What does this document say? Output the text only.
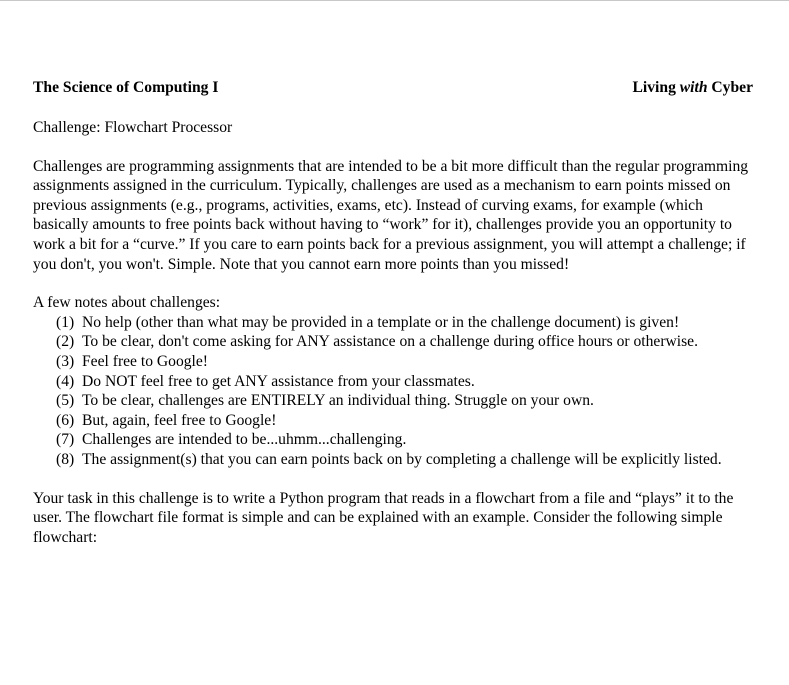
The Science of Computing I	Living with Cyber
Challenge: Flowchart Processor
Challenges are programming assignments that are intended to be a bit more difficult than the regular programming assignments assigned in the curriculum. Typically, challenges are used as a mechanism to earn points missed on previous assignments (e.g., programs, activities, exams, etc). Instead of curving exams, for example (which basically amounts to free points back without having to “work” for it), challenges provide you an opportunity to work a bit for a “curve.” If you care to earn points back for a previous assignment, you will attempt a challenge; if you don't, you won't. Simple. Note that you cannot earn more points than you missed!
A few notes about challenges:
(1) No help (other than what may be provided in a template or in the challenge document) is given!
(2) To be clear, don't come asking for ANY assistance on a challenge during office hours or otherwise.
(3) Feel free to Google!
(4) Do NOT feel free to get ANY assistance from your classmates.
(5) To be clear, challenges are ENTIRELY an individual thing. Struggle on your own.
(6) But, again, feel free to Google!
(7) Challenges are intended to be...uhmm...challenging.
(8) The assignment(s) that you can earn points back on by completing a challenge will be explicitly listed.
Your task in this challenge is to write a Python program that reads in a flowchart from a file and “plays” it to the user. The flowchart file format is simple and can be explained with an example. Consider the following simple flowchart:
